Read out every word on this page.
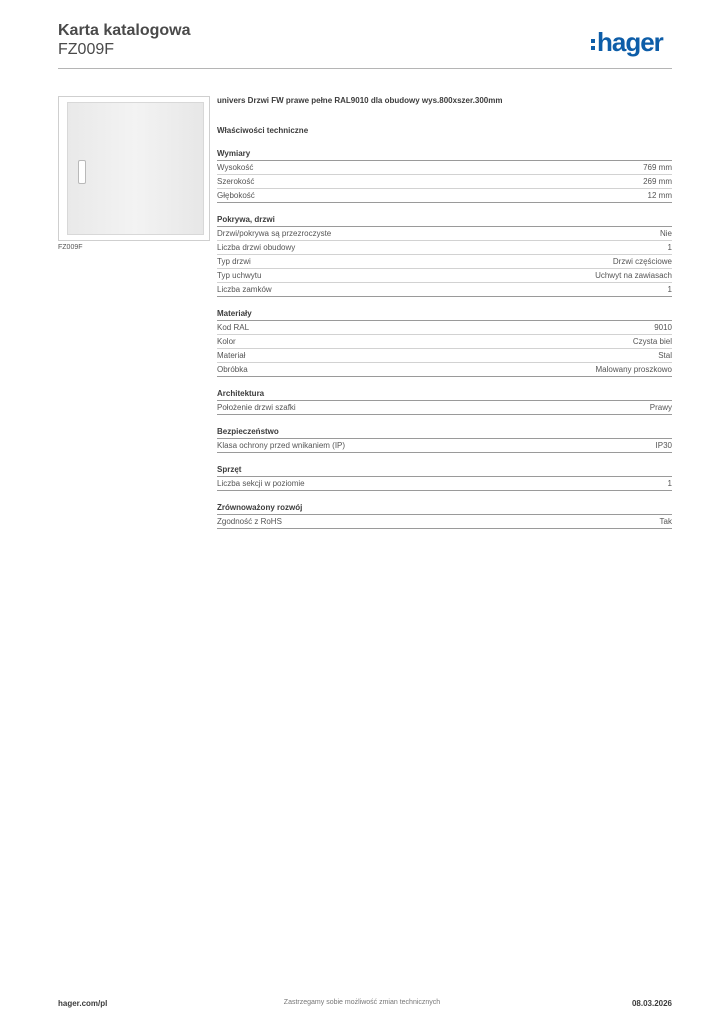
Karta katalogowa
FZ009F	hager
FZ009F
univers Drzwi FW prawe pełne RAL9010 dla obudowy wys.800xszer.300mm
Właściwości techniczne
Wymiary
Wysokość	769 mm
Szerokość	269 mm
Głębokość	12 mm
Pokrywa, drzwi
Drzwi/pokrywa są przezroczyste	Nie
Liczba drzwi obudowy	1
Typ drzwi	Drzwi częściowe
Typ uchwytu	Uchwyt na zawiasach
Liczba zamków	1
Materiały
Kod RAL	9010
Kolor	Czysta biel
Materiał	Stal
Obróbka	Malowany proszkowo
Architektura
Położenie drzwi szafki	Prawy
Bezpieczeństwo
Klasa ochrony przed wnikaniem (IP)	IP30
Sprzęt
Liczba sekcji w poziomie	1
Zrównoważony rozwój
Zgodność z RoHS	Tak
hager.com/pl	Zastrzegamy sobie możliwość zmian technicznych	08.03.2026
